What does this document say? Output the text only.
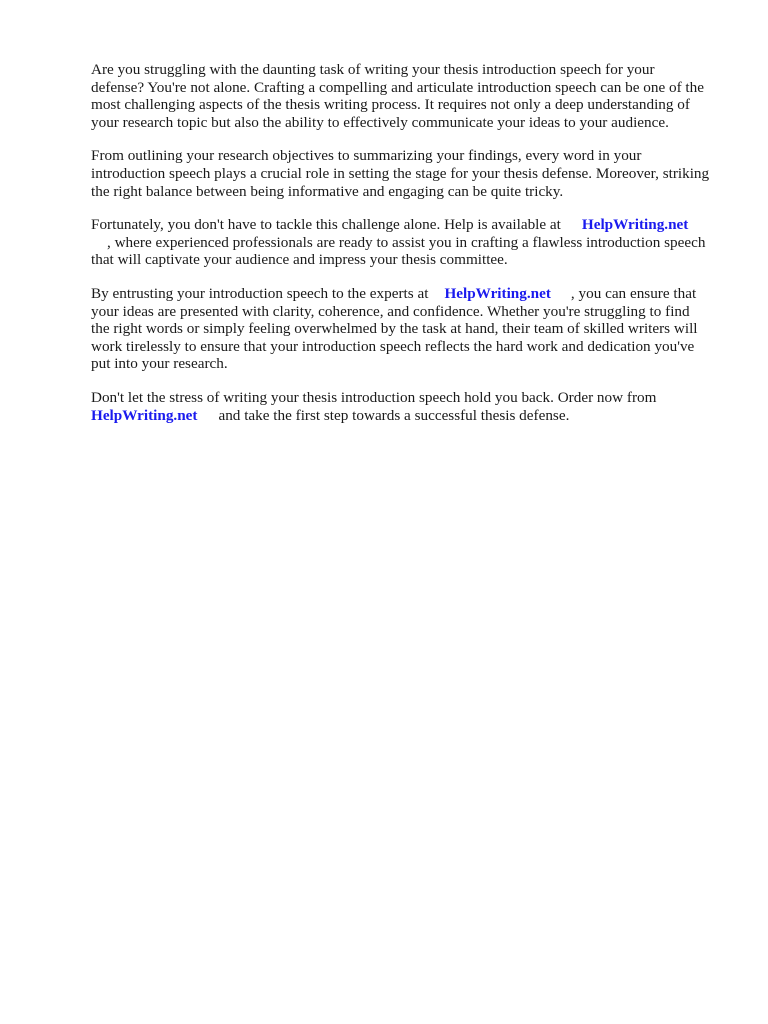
Are you struggling with the daunting task of writing your thesis introduction speech for your
defense? You're not alone. Crafting a compelling and articulate introduction speech can be one of the
most challenging aspects of the thesis writing process. It requires not only a deep understanding of
your research topic but also the ability to effectively communicate your ideas to your audience.

From outlining your research objectives to summarizing your findings, every word in your
introduction speech plays a crucial role in setting the stage for your thesis defense. Moreover, striking
the right balance between being informative and engaging can be quite tricky.

Fortunately, you don't have to tackle this challenge alone. Help is available at HelpWriting.net
, where experienced professionals are ready to assist you in crafting a flawless introduction speech
that will captivate your audience and impress your thesis committee.

By entrusting your introduction speech to the experts at HelpWriting.net , you can ensure that
your ideas are presented with clarity, coherence, and confidence. Whether you're struggling to find
the right words or simply feeling overwhelmed by the task at hand, their team of skilled writers will
work tirelessly to ensure that your introduction speech reflects the hard work and dedication you've
put into your research.

Don't let the stress of writing your thesis introduction speech hold you back. Order now from
HelpWriting.net and take the first step towards a successful thesis defense.
